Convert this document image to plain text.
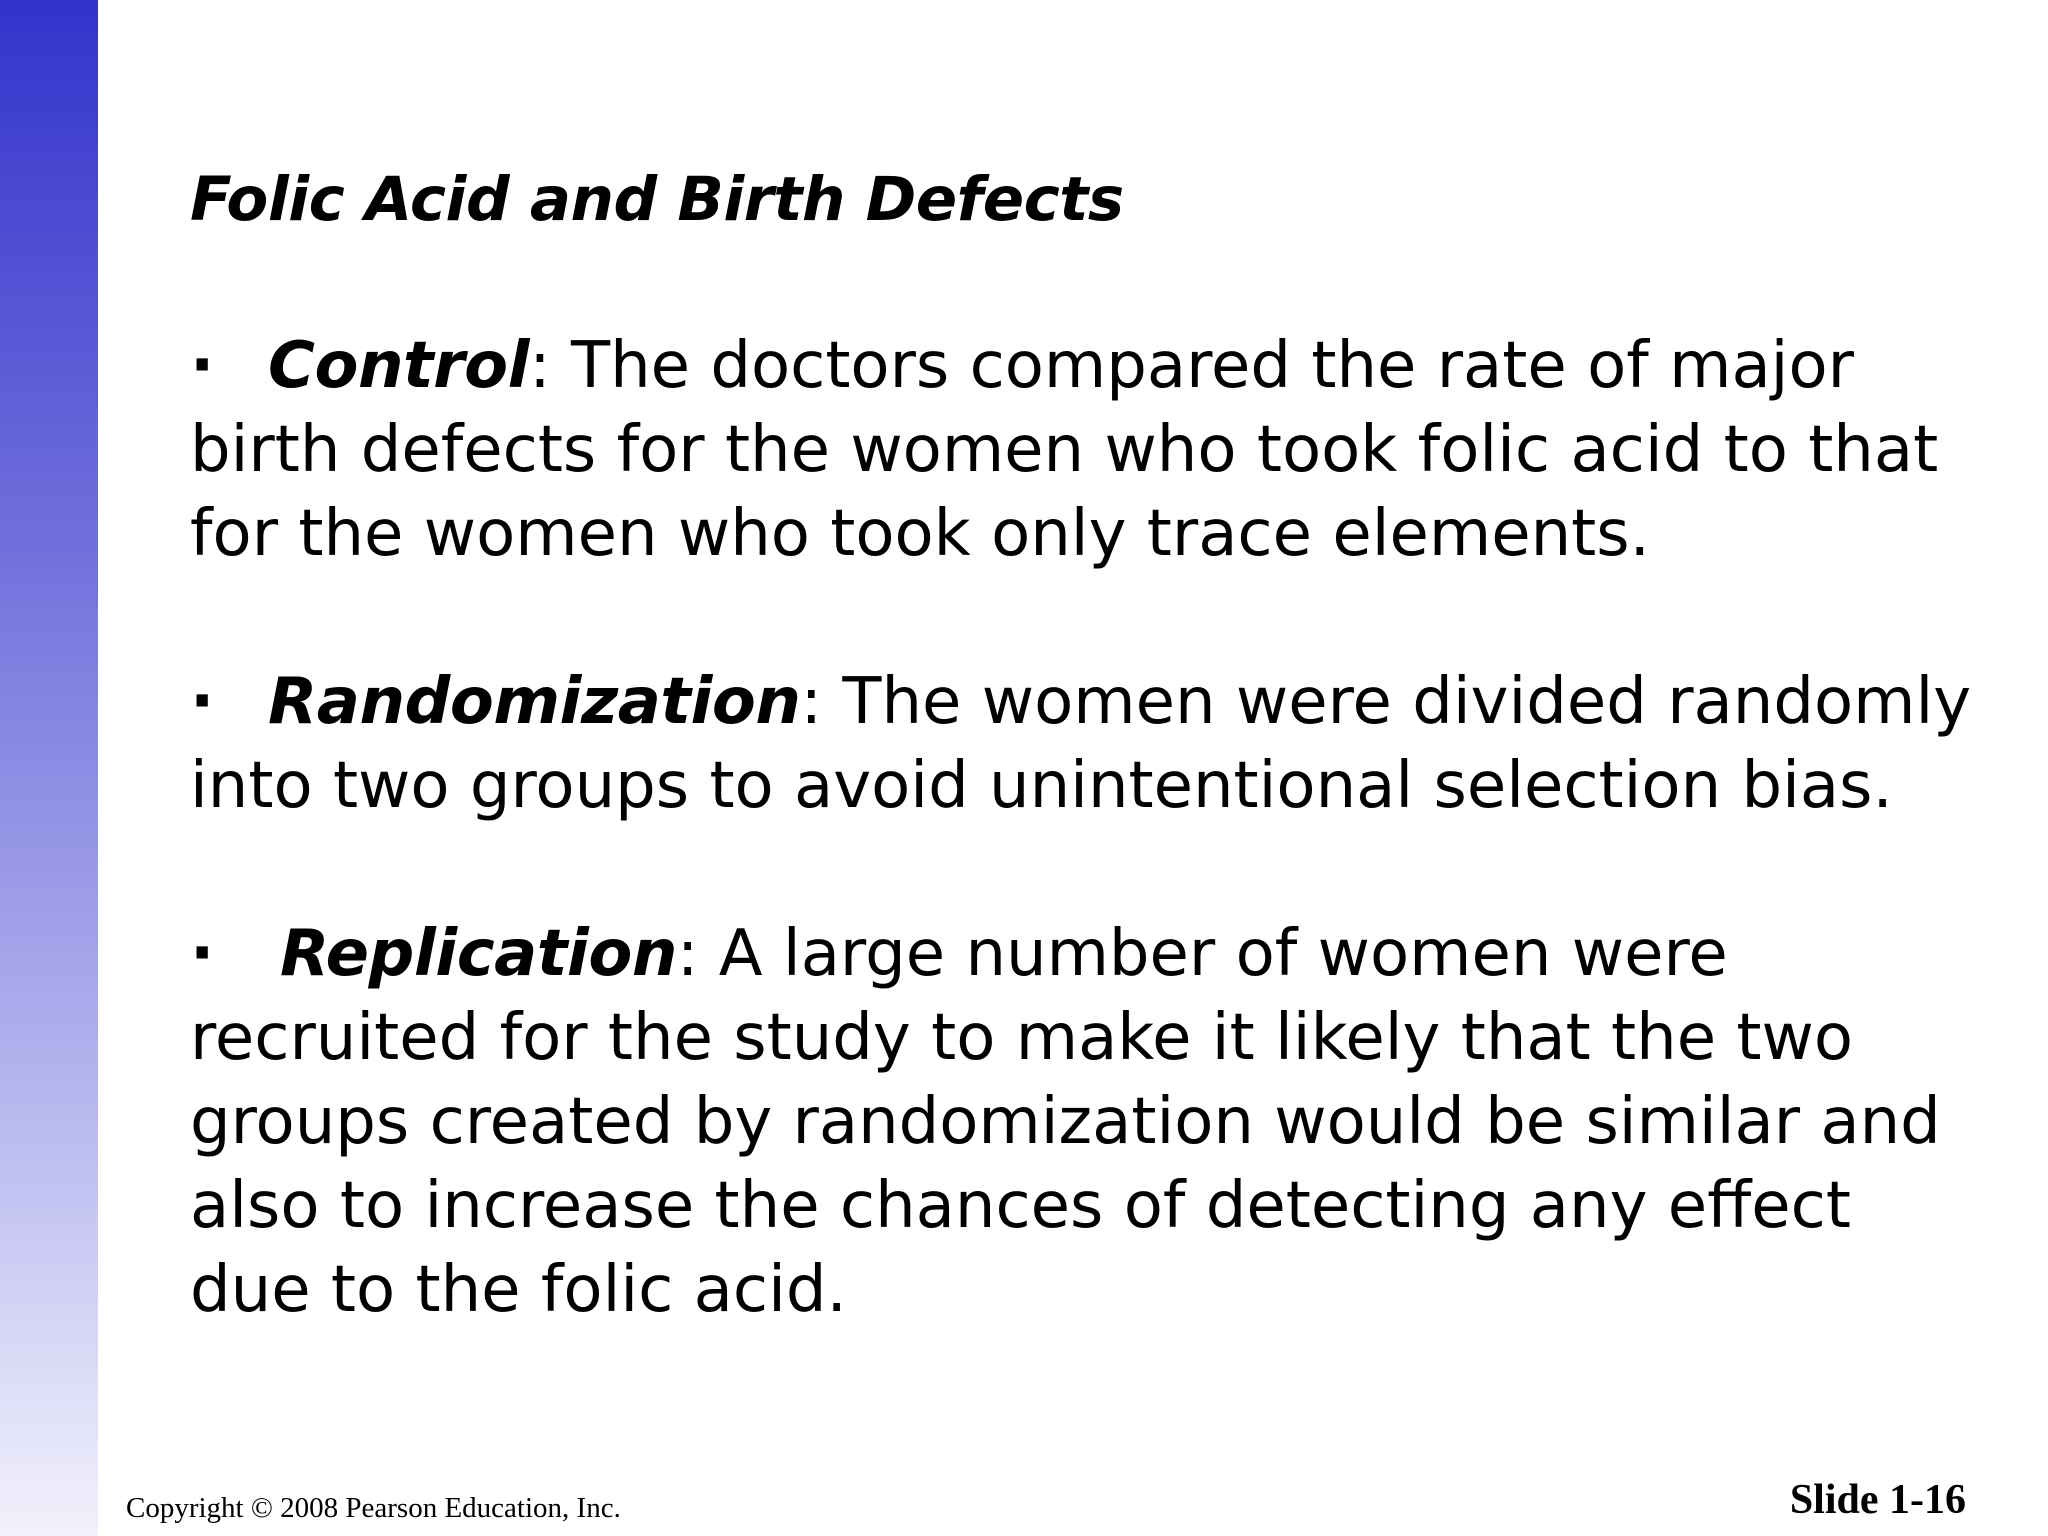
Folic Acid and Birth Defects
· Control: The doctors compared the rate of major birth defects for the women who took folic acid to that for the women who took only trace elements.
· Randomization: The women were divided randomly into two groups to avoid unintentional selection bias.
· Replication: A large number of women were recruited for the study to make it likely that the two groups created by randomization would be similar and also to increase the chances of detecting any effect due to the folic acid.
Copyright © 2008 Pearson Education, Inc.	Slide 1-16
